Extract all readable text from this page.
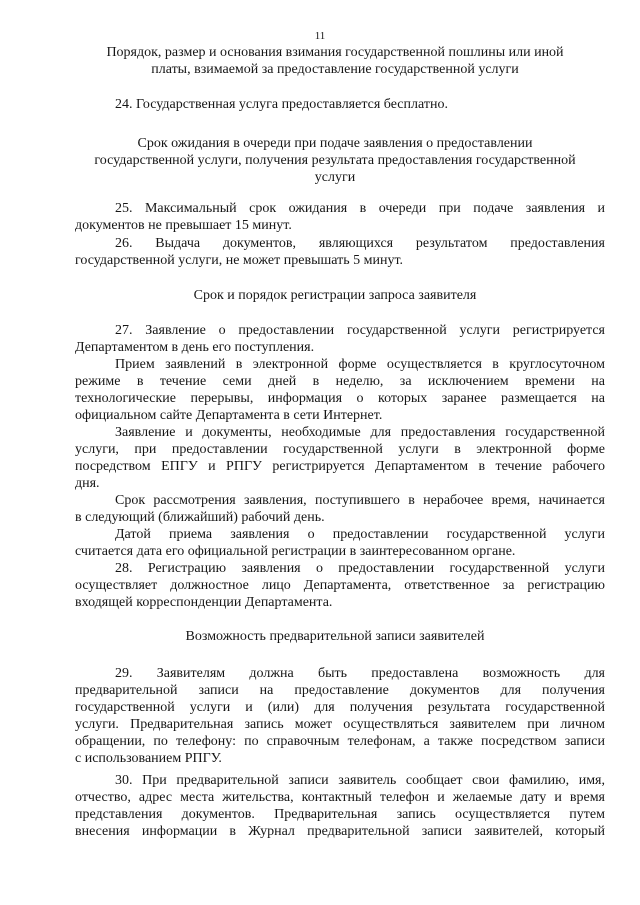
11
Порядок, размер и основания взимания государственной пошлины или иной
платы, взимаемой за предоставление государственной услуги
24. Государственная услуга предоставляется бесплатно.
Срок ожидания в очереди при подаче заявления о предоставлении
государственной услуги, получения результата предоставления государственной
услуги
25. Максимальный срок ожидания в очереди при подаче заявления и
документов не превышает 15 минут.
26. Выдача документов, являющихся результатом предоставления
государственной услуги, не может превышать 5 минут.
Срок и порядок регистрации запроса заявителя
27. Заявление о предоставлении государственной услуги регистрируется
Департаментом в день его поступления.
Прием заявлений в электронной форме осуществляется в круглосуточном
режиме в течение семи дней в неделю, за исключением времени на
технологические перерывы, информация о которых заранее размещается на
официальном сайте Департамента в сети Интернет.
Заявление и документы, необходимые для предоставления государственной
услуги, при предоставлении государственной услуги в электронной форме
посредством ЕПГУ и РПГУ регистрируется Департаментом в течение рабочего
дня.
Срок рассмотрения заявления, поступившего в нерабочее время, начинается
в следующий (ближайший) рабочий день.
Датой приема заявления о предоставлении государственной услуги
считается дата его официальной регистрации в заинтересованном органе.
28. Регистрацию заявления о предоставлении государственной услуги
осуществляет должностное лицо Департамента, ответственное за регистрацию
входящей корреспонденции Департамента.
Возможность предварительной записи заявителей
29. Заявителям должна быть предоставлена возможность для
предварительной записи на предоставление документов для получения
государственной услуги и (или) для получения результата государственной
услуги. Предварительная запись может осуществляться заявителем при личном
обращении, по телефону: по справочным телефонам, а также посредством записи
с использованием РПГУ.
30. При предварительной записи заявитель сообщает свои фамилию, имя,
отчество, адрес места жительства, контактный телефон и желаемые дату и время
представления документов. Предварительная запись осуществляется путем
внесения информации в Журнал предварительной записи заявителей, который
